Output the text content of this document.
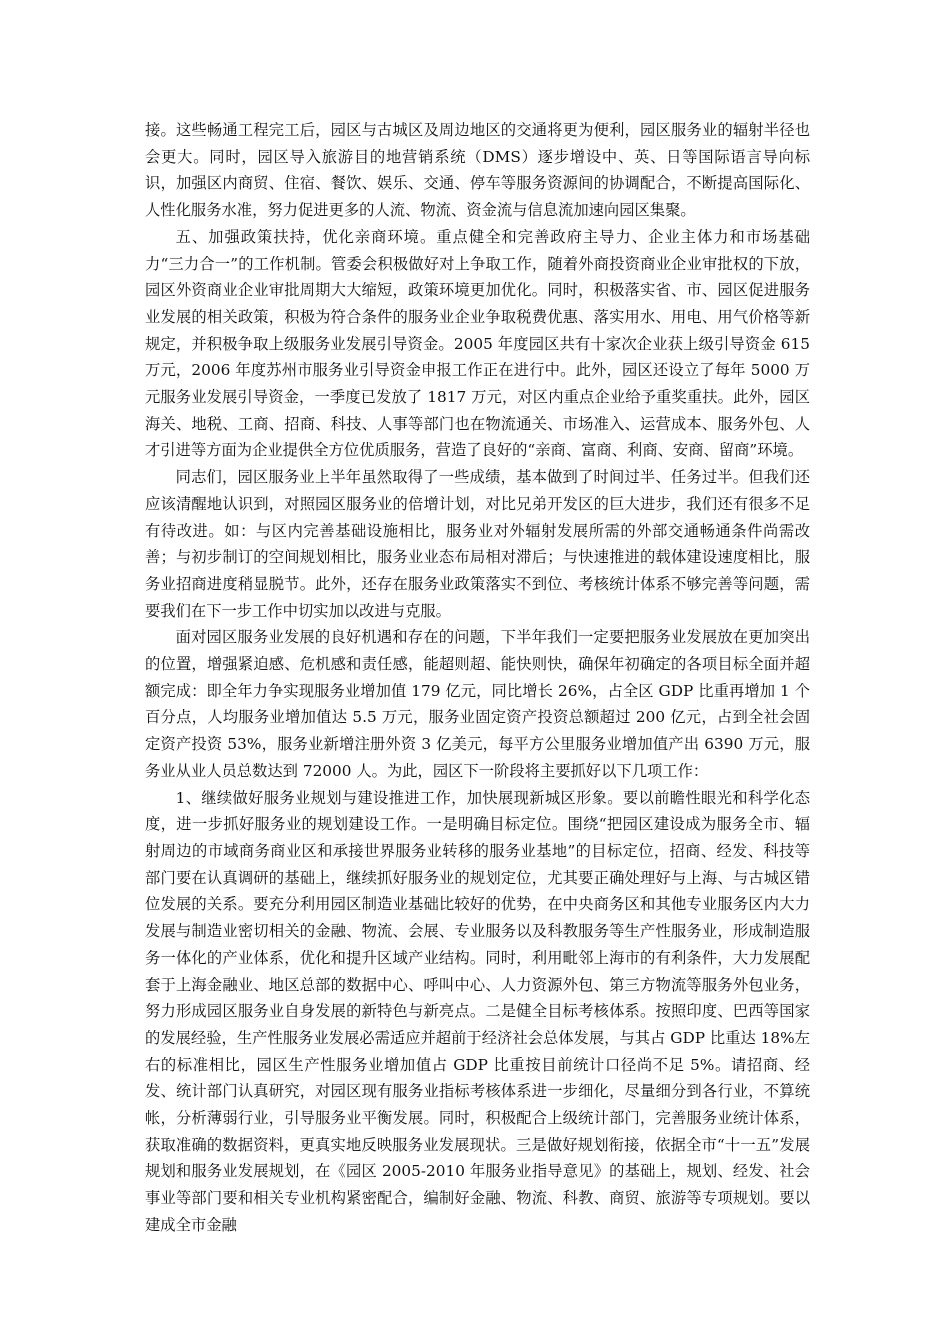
接。这些畅通工程完工后，园区与古城区及周边地区的交通将更为便利，园区服务业的辐射半径也会更大。同时，园区导入旅游目的地营销系统（DMS）逐步增设中、英、日等国际语言导向标识，加强区内商贸、住宿、餐饮、娱乐、交通、停车等服务资源间的协调配合，不断提高国际化、人性化服务水准，努力促进更多的人流、物流、资金流与信息流加速向园区集聚。

五、加强政策扶持，优化亲商环境。重点健全和完善政府主导力、企业主体力和市场基础力“三力合一”的工作机制。管委会积极做好对上争取工作，随着外商投资商业企业审批权的下放，园区外资商业企业审批周期大大缩短，政策环境更加优化。同时，积极落实省、市、园区促进服务业发展的相关政策，积极为符合条件的服务业企业争取税费优惠、落实用水、用电、用气价格等新规定，并积极争取上级服务业发展引导资金。2005 年度园区共有十家次企业获上级引导资金 615 万元，2006 年度苏州市服务业引导资金申报工作正在进行中。此外，园区还设立了每年 5000 万元服务业发展引导资金，一季度已发放了 1817 万元，对区内重点企业给予重奖重扶。此外，园区海关、地税、工商、招商、科技、人事等部门也在物流通关、市场准入、运营成本、服务外包、人才引进等方面为企业提供全方位优质服务，营造了良好的“亲商、富商、利商、安商、留商”环境。

同志们，园区服务业上半年虽然取得了一些成绩，基本做到了时间过半、任务过半。但我们还应该清醒地认识到，对照园区服务业的倍增计划，对比兄弟开发区的巨大进步，我们还有很多不足有待改进。如：与区内完善基础设施相比，服务业对外辐射发展所需的外部交通畅通条件尚需改善；与初步制订的空间规划相比，服务业业态布局相对滞后；与快速推进的载体建设速度相比，服务业招商进度稍显脱节。此外，还存在服务业政策落实不到位、考核统计体系不够完善等问题，需要我们在下一步工作中切实加以改进与克服。

面对园区服务业发展的良好机遇和存在的问题，下半年我们一定要把服务业发展放在更加突出的位置，增强紧迫感、危机感和责任感，能超则超、能快则快，确保年初确定的各项目标全面并超额完成：即全年力争实现服务业增加值 179 亿元，同比增长 26%，占全区 GDP 比重再增加 1 个百分点，人均服务业增加值达 5.5 万元，服务业固定资产投资总额超过 200 亿元，占到全社会固定资产投资 53%，服务业新增注册外资 3 亿美元，每平方公里服务业增加值产出 6390 万元，服务业从业人员总数达到 72000 人。为此，园区下一阶段将主要抓好以下几项工作：

1、继续做好服务业规划与建设推进工作，加快展现新城区形象。要以前瞻性眼光和科学化态度，进一步抓好服务业的规划建设工作。一是明确目标定位。围绕“把园区建设成为服务全市、辐射周边的市域商务商业区和承接世界服务业转移的服务业基地”的目标定位，招商、经发、科技等部门要在认真调研的基础上，继续抓好服务业的规划定位，尤其要正确处理好与上海、与古城区错位发展的关系。要充分利用园区制造业基础比较好的优势，在中央商务区和其他专业服务区内大力发展与制造业密切相关的金融、物流、会展、专业服务以及科教服务等生产性服务业，形成制造服务一体化的产业体系，优化和提升区域产业结构。同时，利用毗邻上海市的有利条件，大力发展配套于上海金融业、地区总部的数据中心、呼叫中心、人力资源外包、第三方物流等服务外包业务，努力形成园区服务业自身发展的新特色与新亮点。二是健全目标考核体系。按照印度、巴西等国家的发展经验，生产性服务业发展必需适应并超前于经济社会总体发展，与其占 GDP 比重达 18%左右的标准相比，园区生产性服务业增加值占 GDP 比重按目前统计口径尚不足 5%。请招商、经发、统计部门认真研究，对园区现有服务业指标考核体系进一步细化，尽量细分到各行业，不算统帐，分析薄弱行业，引导服务业平衡发展。同时，积极配合上级统计部门，完善服务业统计体系，获取准确的数据资料，更真实地反映服务业发展现状。三是做好规划衔接，依据全市“十一五”发展规划和服务业发展规划，在《园区 2005-2010 年服务业指导意见》的基础上，规划、经发、社会事业等部门要和相关专业机构紧密配合，编制好金融、物流、科教、商贸、旅游等专项规划。要以建成全市金融
